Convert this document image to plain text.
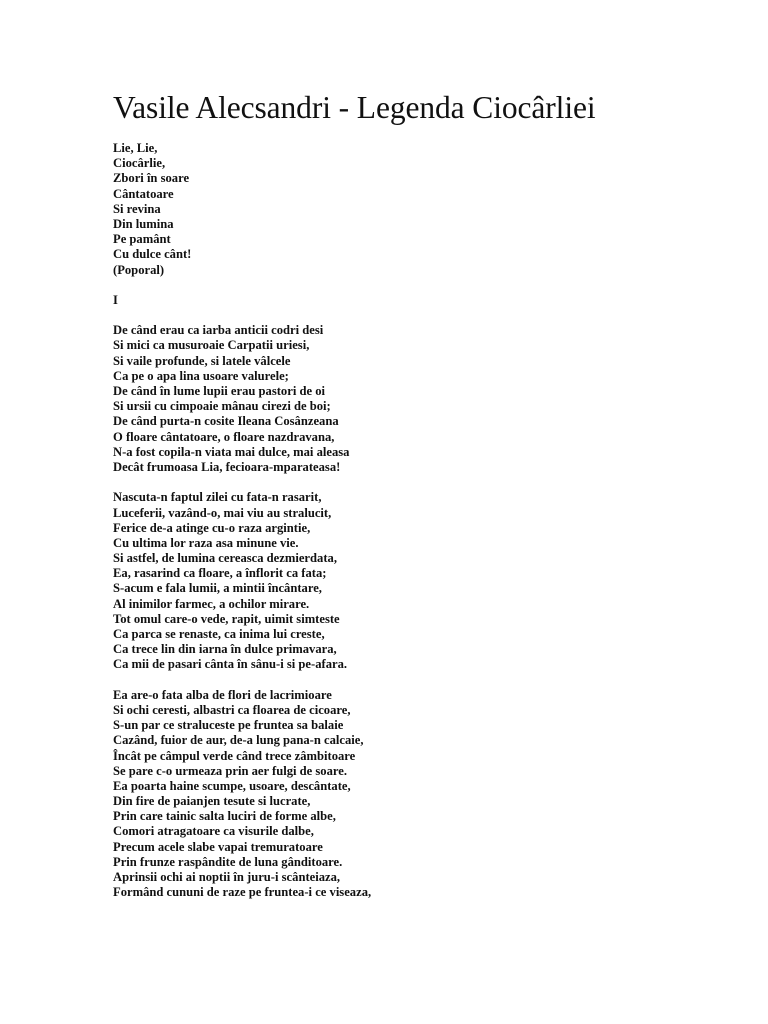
Vasile Alecsandri - Legenda Ciocârliei
Lie, Lie,
Ciocârlie,
Zbori în soare
Cântatoare
Si revina
Din lumina
Pe pamânt
Cu dulce cânt!
(Poporal)
I
De când erau ca iarba anticii codri desi
Si mici ca musuroaie Carpatii uriesi,
Si vaile profunde, si latele vâlcele
Ca pe o apa lina usoare valurele;
De când în lume lupii erau pastori de oi
Si ursii cu cimpoaie mânau cirezi de boi;
De când purta-n cosite Ileana Cosânzeana
O floare cântatoare, o floare nazdravana,
N-a fost copila-n viata mai dulce, mai aleasa
Decât frumoasa Lia, fecioara-mparateasa!
Nascuta-n faptul zilei cu fata-n rasarit,
Luceferii, vazând-o, mai viu au stralucit,
Ferice de-a atinge cu-o raza argintie,
Cu ultima lor raza asa minune vie.
Si astfel, de lumina cereasca dezmierdata,
Ea, rasarind ca floare, a înflorit ca fata;
S-acum e fala lumii, a mintii încântare,
Al inimilor farmec, a ochilor mirare.
Tot omul care-o vede, rapit, uimit simteste
Ca parca se renaste, ca inima lui creste,
Ca trece lin din iarna în dulce primavara,
Ca mii de pasari cânta în sânu-i si pe-afara.
Ea are-o fata alba de flori de lacrimioare
Si ochi ceresti, albastri ca floarea de cicoare,
S-un par ce straluceste pe fruntea sa balaie
Cazând, fuior de aur, de-a lung pana-n calcaie,
Încât pe câmpul verde când trece zâmbitoare
Se pare c-o urmeaza prin aer fulgi de soare.
Ea poarta haine scumpe, usoare, descântate,
Din fire de paianjen tesute si lucrate,
Prin care tainic salta luciri de forme albe,
Comori atragatoare ca visurile dalbe,
Precum acele slabe vapai tremuratoare
Prin frunze raspândite de luna gânditoare.
Aprinsii ochi ai noptii în juru-i scânteiaza,
Formând cununi de raze pe fruntea-i ce viseaza,
